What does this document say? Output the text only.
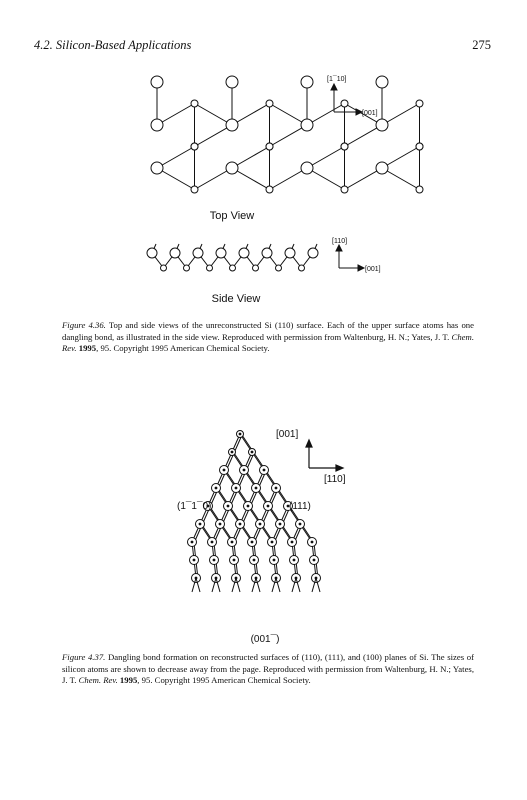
4.2. Silicon-Based Applications	275
[1¯10]
[001]
Top View
[110]
[001]
Side View
Figure 4.36. Top and side views of the unreconstructed Si (110) surface. Each of the upper surface atoms has one dangling bond, as illustrated in the side view. Reproduced with permission from Waltenburg, H. N.; Yates, J. T. Chem. Rev. 1995, 95. Copyright 1995 American Chemical Society.
[001]
[110]
(1¯1¯0)	(111)
(001¯)
Figure 4.37. Dangling bond formation on reconstructed surfaces of (110), (111), and (100) planes of Si. The sizes of silicon atoms are shown to decrease away from the page. Reproduced with permission from Waltenburg, H. N.; Yates, J. T. Chem. Rev. 1995, 95. Copyright 1995 American Chemical Society.
